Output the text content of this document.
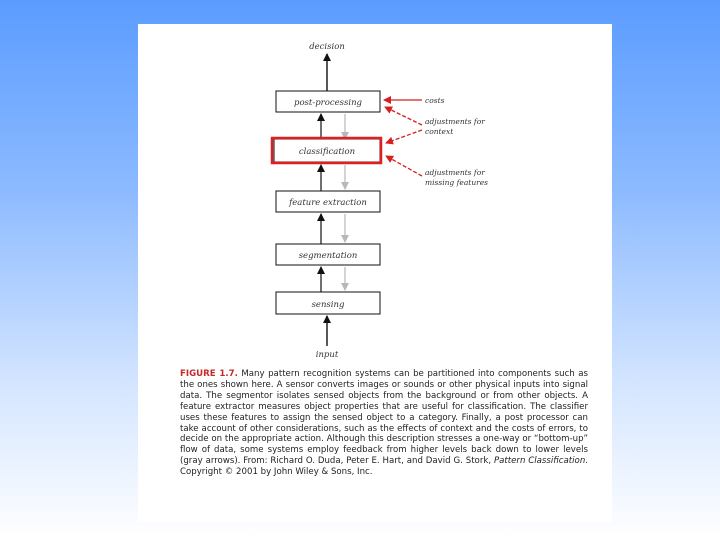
decision
post-processing
classification
feature extraction
segmentation
sensing
input
costs
adjustments for
context
adjustments for
missing features

FIGURE 1.7. Many pattern recognition systems can be partitioned into components such as the ones shown here. A sensor converts images or sounds or other physical inputs into signal data. The segmentor isolates sensed objects from the background or from other objects. A feature extractor measures object properties that are useful for classification. The classifier uses these features to assign the sensed object to a category. Finally, a post processor can take account of other considerations, such as the effects of context and the costs of errors, to decide on the appropriate action. Although this description stresses a one-way or “bottom-up” flow of data, some systems employ feedback from higher levels back down to lower levels (gray arrows). From: Richard O. Duda, Peter E. Hart, and David G. Stork, Pattern Classification. Copyright © 2001 by John Wiley & Sons, Inc.
